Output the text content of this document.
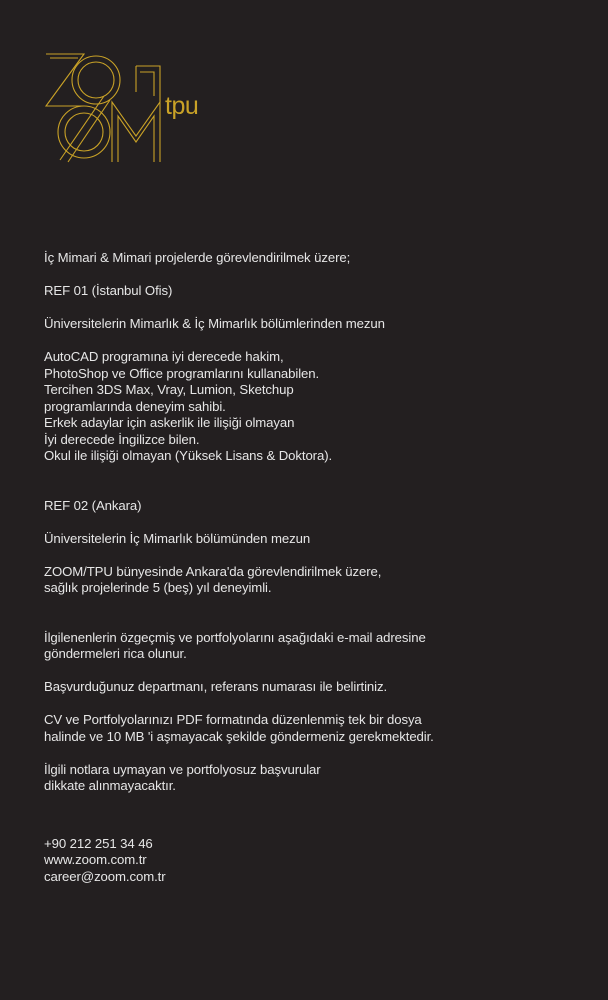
tpu
İç Mimari & Mimari projelerde görevlendirilmek üzere;
REF 01 (İstanbul Ofis)
Üniversitelerin Mimarlık & İç Mimarlık bölümlerinden mezun
AutoCAD programına iyi derecede hakim,
PhotoShop ve Office programlarını kullanabilen.
Tercihen 3DS Max, Vray, Lumion, Sketchup
programlarında deneyim sahibi.
Erkek adaylar için askerlik ile ilişiği olmayan
İyi derecede İngilizce bilen.
Okul ile ilişiği olmayan (Yüksek Lisans & Doktora).
REF 02 (Ankara)
Üniversitelerin İç Mimarlık bölümünden mezun
ZOOM/TPU bünyesinde Ankara'da görevlendirilmek üzere,
sağlık projelerinde 5 (beş) yıl deneyimli.
İlgilenenlerin özgeçmiş ve portfolyolarını aşağıdaki e-mail adresine
göndermeleri rica olunur.
Başvurduğunuz departmanı, referans numarası ile belirtiniz.
CV ve Portfolyolarınızı PDF formatında düzenlenmiş tek bir dosya
halinde ve 10 MB 'i aşmayacak şekilde göndermeniz gerekmektedir.
İlgili notlara uymayan ve portfolyosuz başvurular
dikkate alınmayacaktır.
+90 212 251 34 46
www.zoom.com.tr
career@zoom.com.tr
